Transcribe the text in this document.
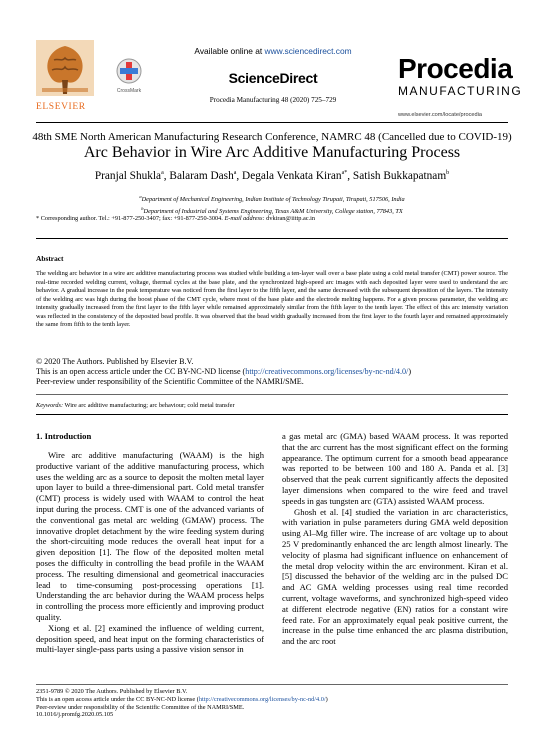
ELSEVIER
CrossMark
Available online at www.sciencedirect.com
ScienceDirect
Procedia Manufacturing 48 (2020) 725–729
Procedia
MANUFACTURING
www.elsevier.com/locate/procedia
48th SME North American Manufacturing Research Conference, NAMRC 48 (Cancelled due to COVID-19)
Arc Behavior in Wire Arc Additive Manufacturing Process
Pranjal Shukla$^a$, Balaram Dash$^a$, Degala Venkata Kiran$^{a*}$, Satish Bukkapatnam$^b$
$^a$Department of Mechanical Engineering, Indian Institute of Technology Tirupati, Tirupati, 517506, India
$^b$Department of Industrial and Systems Engineering, Texas A&M University, College station, 77843, TX
* Corresponding author. Tel.: +91-877-250-3407; fax: +91-877-250-3004. E-mail address: dvkiran@iittp.ac.in
Abstract
The welding arc behavior in a wire arc additive manufacturing process was studied while building a ten-layer wall over a base plate using a cold metal transfer (CMT) power source. The real-time recorded welding current, voltage, thermal cycles at the base plate, and the synchronized high-speed arc images with each deposited layer were used to understand the arc behavior. A gradual increase in the peak temperature was noticed from the first layer to the fifth layer, and the same decreased with the subsequent deposition of the layers. The intensity of the welding arc was high during the boost phase of the CMT cycle, where most of the base plate and the electrode melting happens. For a given process parameter, the welding arc intensity gradually increased from the first layer to the fifth layer while remained approximately similar from the fifth layer to the tenth layer. The effect of this arc intensity variation was reflected in the consistency of the deposited bead profile. It was observed that the bead width gradually increased from the first layer to the fourth layer and remained approximately the same from fifth to the tenth layer.
© 2020 The Authors. Published by Elsevier B.V.
This is an open access article under the CC BY-NC-ND license (http://creativecommons.org/licenses/by-nc-nd/4.0/)
Peer-review under responsibility of the Scientific Committee of the NAMRI/SME.
Keywords: Wire arc additive manufacturing; arc behaviour; cold metal transfer
1. Introduction

Wire arc additive manufacturing (WAAM) is the high productive variant of the additive manufacturing process, which uses the welding arc as a source to deposit the molten metal layer upon layer to build a three-dimensional part. Cold metal transfer (CMT) process is widely used with WAAM to control the heat input during the process. CMT is one of the advanced variants of the conventional gas metal arc welding (GMAW) process. The innovative droplet detachment by the wire feeding system during the short-circuiting mode reduces the overall heat input for a given deposition [1]. The flow of the deposited molten metal poses the difficulty in controlling the bead profile in the WAAM process. The resulting dimensional and geometrical inaccuracies lead to time-consuming post-processing operations [1]. Understanding the arc behavior during the WAAM process helps in controlling the process more efficiently and improving product quality.

Xiong et al. [2] examined the influence of welding current, deposition speed, and heat input on the forming characteristics of multi-layer single-pass parts using a passive vision sensor in

a gas metal arc (GMA) based WAAM process. It was reported that the arc current has the most significant effect on the forming appearance. The optimum current for a smooth bead appearance was reported to be between 100 and 180 A. Panda et al. [3] observed that the peak current significantly affects the deposited layer dimensions when compared to the wire feed and travel speeds in gas tungsten arc (GTA) assisted WAAM process.

Ghosh et al. [4] studied the variation in arc characteristics, with variation in pulse parameters during GMA weld deposition using Al–Mg filler wire. The increase of arc voltage up to about 25 V predominantly enhanced the arc length almost linearly. The velocity of plasma had significant influence on enhancement of the metal drop velocity within the arc environment. Kiran et al. [5] discussed the behavior of the welding arc in the pulsed DC and AC GMA welding processes using real time recorded current, voltage waveforms, and synchronized high-speed video at different electrode negative (EN) ratios for a constant wire feed rate. For an approximately equal peak positive current, the increase in the pulse time enhanced the arc plasma distribution, and the arc root

2351-9789 © 2020 The Authors. Published by Elsevier B.V.
This is an open access article under the CC BY-NC-ND license (http://creativecommons.org/licenses/by-nc-nd/4.0/)
Peer-review under responsibility of the Scientific Committee of the NAMRI/SME.
10.1016/j.promfg.2020.05.105
